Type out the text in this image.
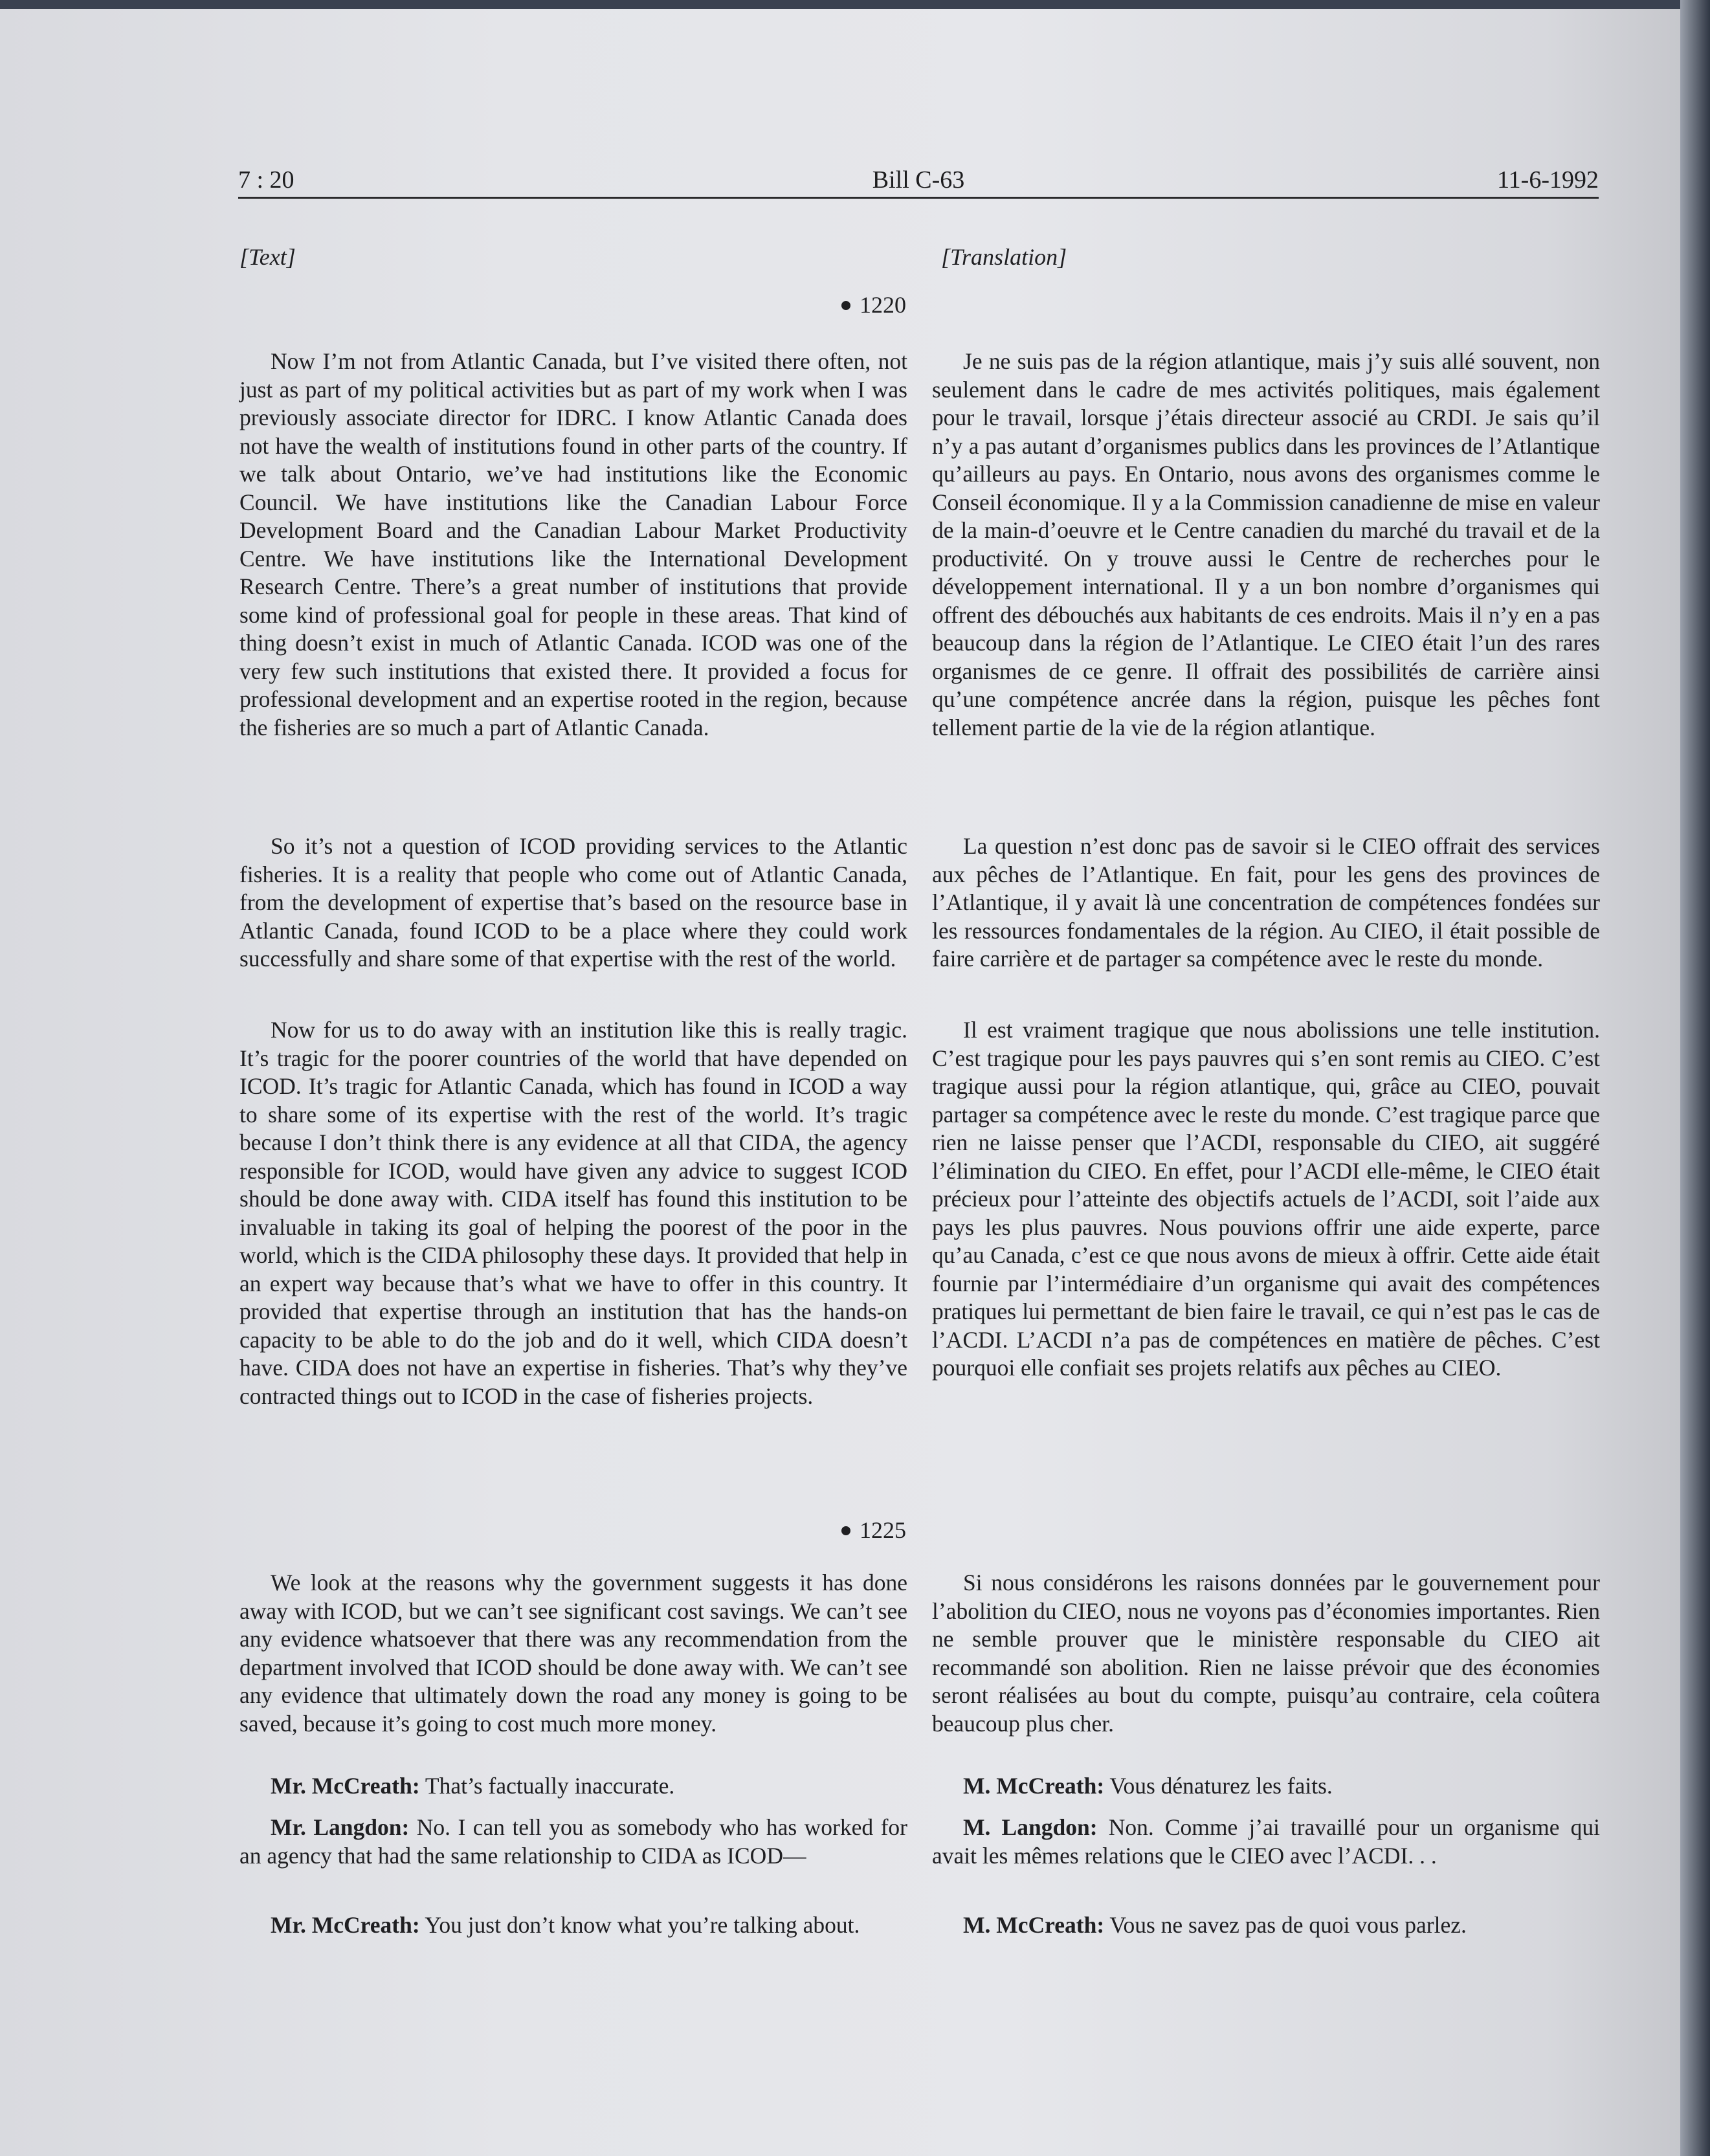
7 : 20	Bill C-63	11-6-1992
[Text]
1220

Now I’m not from Atlantic Canada, but I’ve visited there often, not just as part of my political activities but as part of my work when I was previously associate director for IDRC. I know Atlantic Canada does not have the wealth of institutions found in other parts of the country. If we talk about Ontario, we’ve had institutions like the Economic Council. We have institutions like the Canadian Labour Force Development Board and the Canadian Labour Market Productivity Centre. We have institutions like the International Development Research Centre. There’s a great number of institutions that provide some kind of professional goal for people in these areas. That kind of thing doesn’t exist in much of Atlantic Canada. ICOD was one of the very few such institutions that existed there. It provided a focus for professional development and an expertise rooted in the region, because the fisheries are so much a part of Atlantic Canada.

So it’s not a question of ICOD providing services to the Atlantic fisheries. It is a reality that people who come out of Atlantic Canada, from the development of expertise that’s based on the resource base in Atlantic Canada, found ICOD to be a place where they could work successfully and share some of that expertise with the rest of the world.

Now for us to do away with an institution like this is really tragic. It’s tragic for the poorer countries of the world that have depended on ICOD. It’s tragic for Atlantic Canada, which has found in ICOD a way to share some of its expertise with the rest of the world. It’s tragic because I don’t think there is any evidence at all that CIDA, the agency responsible for ICOD, would have given any advice to suggest ICOD should be done away with. CIDA itself has found this institution to be invaluable in taking its goal of helping the poorest of the poor in the world, which is the CIDA philosophy these days. It provided that help in an expert way because that’s what we have to offer in this country. It provided that expertise through an institution that has the hands-on capacity to be able to do the job and do it well, which CIDA doesn’t have. CIDA does not have an expertise in fisheries. That’s why they’ve contracted things out to ICOD in the case of fisheries projects.

1225

We look at the reasons why the government suggests it has done away with ICOD, but we can’t see significant cost savings. We can’t see any evidence whatsoever that there was any recommendation from the department involved that ICOD should be done away with. We can’t see any evidence that ultimately down the road any money is going to be saved, because it’s going to cost much more money.

Mr. McCreath: That’s factually inaccurate.

Mr. Langdon: No. I can tell you as somebody who has worked for an agency that had the same relationship to CIDA as ICOD—

Mr. McCreath: You just don’t know what you’re talking about.

[Translation]

Je ne suis pas de la région atlantique, mais j’y suis allé souvent, non seulement dans le cadre de mes activités politiques, mais également pour le travail, lorsque j’étais directeur associé au CRDI. Je sais qu’il n’y a pas autant d’organismes publics dans les provinces de l’Atlantique qu’ailleurs au pays. En Ontario, nous avons des organismes comme le Conseil économique. Il y a la Commission canadienne de mise en valeur de la main-d’oeuvre et le Centre canadien du marché du travail et de la productivité. On y trouve aussi le Centre de recherches pour le développement international. Il y a un bon nombre d’organismes qui offrent des débouchés aux habitants de ces endroits. Mais il n’y en a pas beaucoup dans la région de l’Atlantique. Le CIEO était l’un des rares organismes de ce genre. Il offrait des possibilités de carrière ainsi qu’une compétence ancrée dans la région, puisque les pêches font tellement partie de la vie de la région atlantique.

La question n’est donc pas de savoir si le CIEO offrait des services aux pêches de l’Atlantique. En fait, pour les gens des provinces de l’Atlantique, il y avait là une concentration de compétences fondées sur les ressources fondamentales de la région. Au CIEO, il était possible de faire carrière et de partager sa compétence avec le reste du monde.

Il est vraiment tragique que nous abolissions une telle institution. C’est tragique pour les pays pauvres qui s’en sont remis au CIEO. C’est tragique aussi pour la région atlantique, qui, grâce au CIEO, pouvait partager sa compétence avec le reste du monde. C’est tragique parce que rien ne laisse penser que l’ACDI, responsable du CIEO, ait suggéré l’élimination du CIEO. En effet, pour l’ACDI elle-même, le CIEO était précieux pour l’atteinte des objectifs actuels de l’ACDI, soit l’aide aux pays les plus pauvres. Nous pouvions offrir une aide experte, parce qu’au Canada, c’est ce que nous avons de mieux à offrir. Cette aide était fournie par l’intermédiaire d’un organisme qui avait des compétences pratiques lui permettant de bien faire le travail, ce qui n’est pas le cas de l’ACDI. L’ACDI n’a pas de compétences en matière de pêches. C’est pourquoi elle confiait ses projets relatifs aux pêches au CIEO.

Si nous considérons les raisons données par le gouvernement pour l’abolition du CIEO, nous ne voyons pas d’économies importantes. Rien ne semble prouver que le ministère responsable du CIEO ait recommandé son abolition. Rien ne laisse prévoir que des économies seront réalisées au bout du compte, puisqu’au contraire, cela coûtera beaucoup plus cher.

M. McCreath: Vous dénaturez les faits.

M. Langdon: Non. Comme j’ai travaillé pour un organisme qui avait les mêmes relations que le CIEO avec l’ACDI. . .

M. McCreath: Vous ne savez pas de quoi vous parlez.
